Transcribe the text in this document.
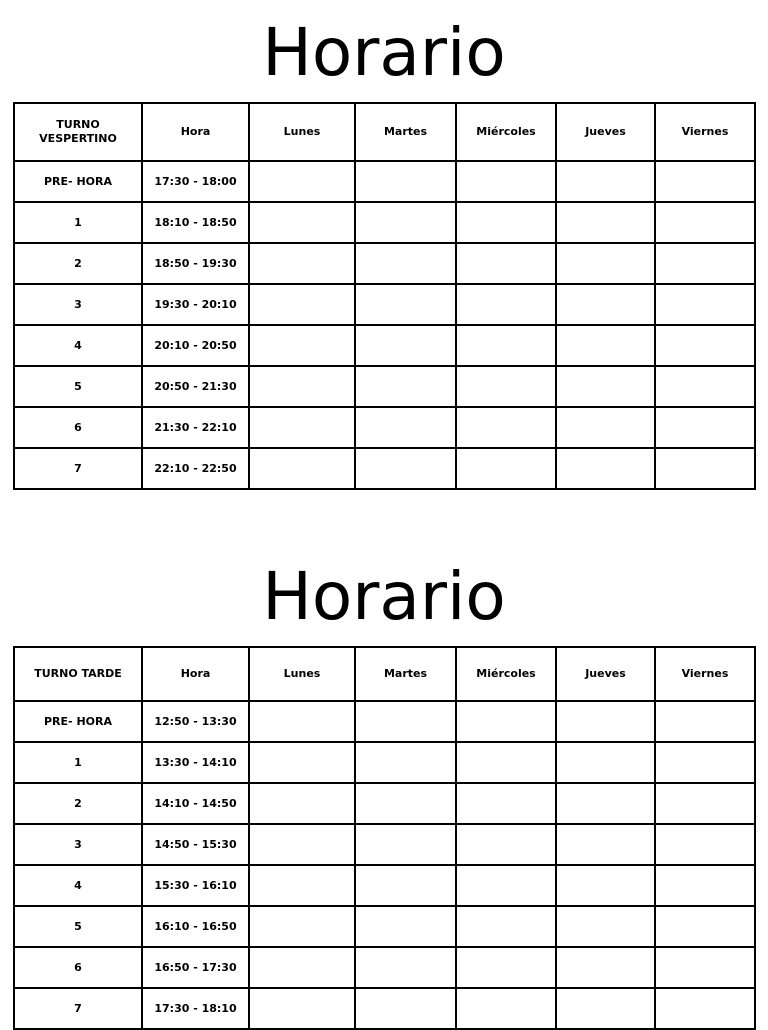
Horario
TURNO VESPERTINO	Hora	Lunes	Martes	Miércoles	Jueves	Viernes
PRE- HORA	17:30 - 18:00					
1	18:10 - 18:50					
2	18:50 - 19:30					
3	19:30 - 20:10					
4	20:10 - 20:50					
5	20:50 - 21:30					
6	21:30 - 22:10					
7	22:10 - 22:50					
Horario
TURNO TARDE	Hora	Lunes	Martes	Miércoles	Jueves	Viernes
PRE- HORA	12:50 - 13:30					
1	13:30 - 14:10					
2	14:10 - 14:50					
3	14:50 - 15:30					
4	15:30 - 16:10					
5	16:10 - 16:50					
6	16:50 - 17:30					
7	17:30 - 18:10					
